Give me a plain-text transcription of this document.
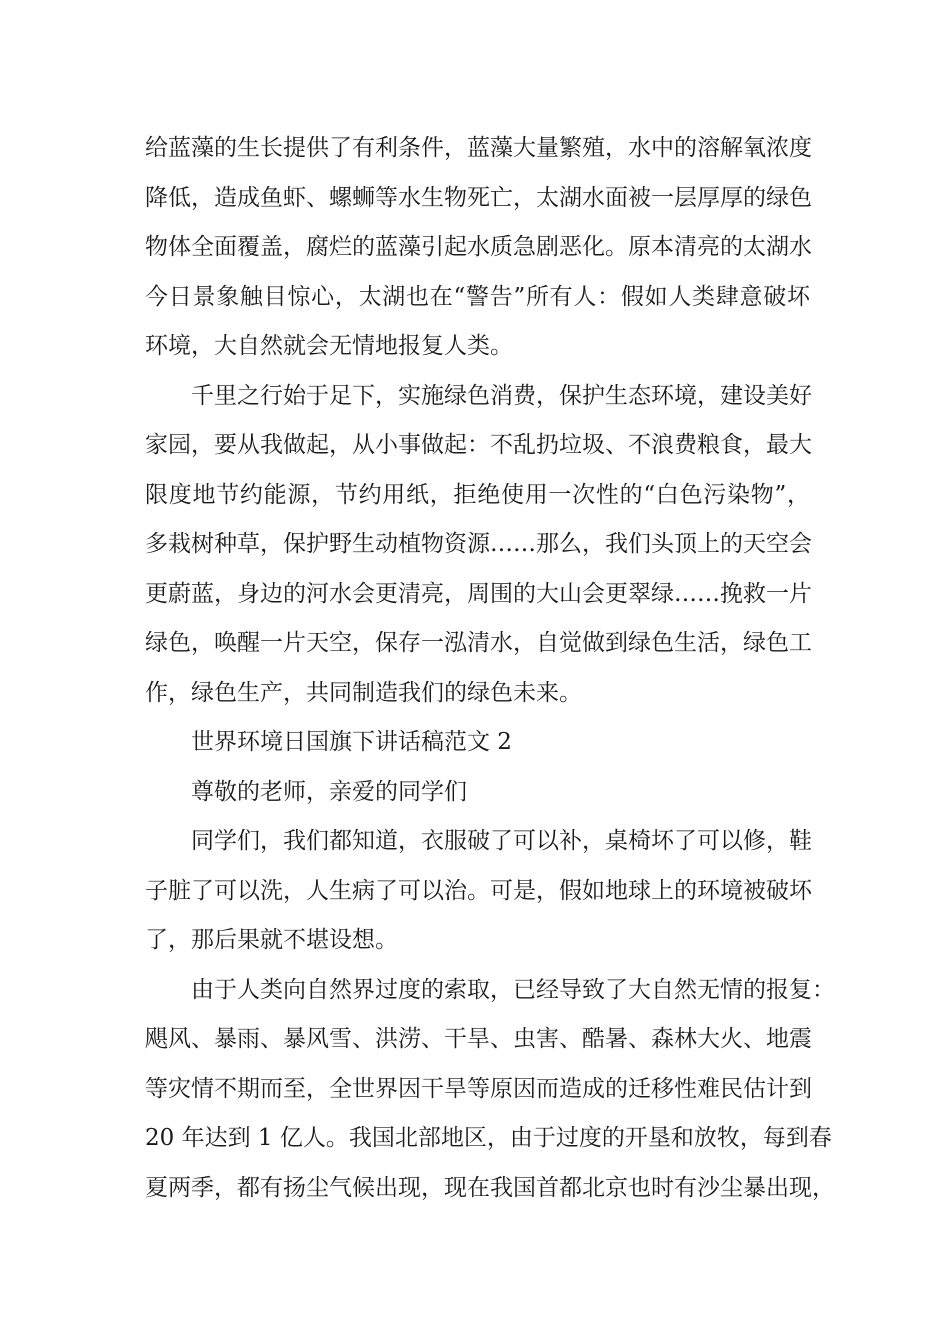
给蓝藻的生长提供了有利条件，蓝藻大量繁殖，水中的溶解氧浓度
降低，造成鱼虾、螺蛳等水生物死亡，太湖水面被一层厚厚的绿色
物体全面覆盖，腐烂的蓝藻引起水质急剧恶化。原本清亮的太湖水
今日景象触目惊心，太湖也在“警告”所有人：假如人类肆意破坏
环境，大自然就会无情地报复人类。
千里之行始于足下，实施绿色消费，保护生态环境，建设美好
家园，要从我做起，从小事做起：不乱扔垃圾、不浪费粮食，最大
限度地节约能源，节约用纸，拒绝使用一次性的“白色污染物”，
多栽树种草，保护野生动植物资源……那么，我们头顶上的天空会
更蔚蓝，身边的河水会更清亮，周围的大山会更翠绿……挽救一片
绿色，唤醒一片天空，保存一泓清水，自觉做到绿色生活，绿色工
作，绿色生产，共同制造我们的绿色未来。
世界环境日国旗下讲话稿范文 2
尊敬的老师，亲爱的同学们
同学们，我们都知道，衣服破了可以补，桌椅坏了可以修，鞋
子脏了可以洗，人生病了可以治。可是，假如地球上的环境被破坏
了，那后果就不堪设想。
由于人类向自然界过度的索取，已经导致了大自然无情的报复：
飓风、暴雨、暴风雪、洪涝、干旱、虫害、酷暑、森林大火、地震
等灾情不期而至，全世界因干旱等原因而造成的迁移性难民估计到
20 年达到 1 亿人。我国北部地区，由于过度的开垦和放牧，每到春
夏两季，都有扬尘气候出现，现在我国首都北京也时有沙尘暴出现，
